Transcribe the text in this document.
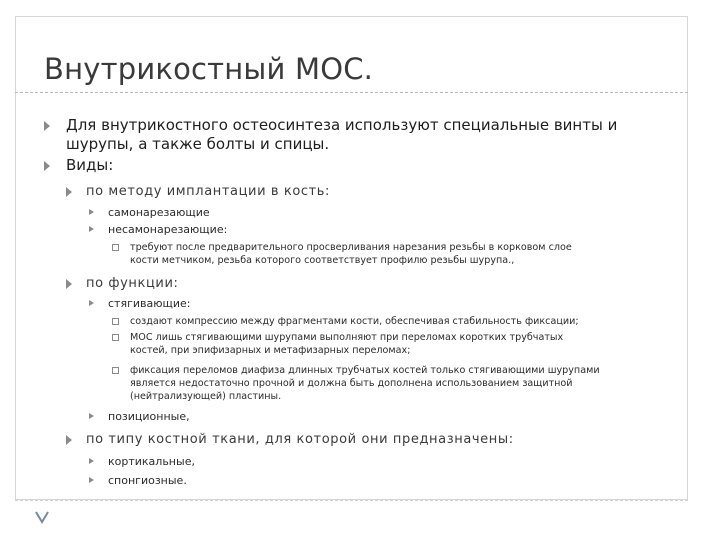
Внутрикостный МОС.
Для внутрикостного остеосинтеза используют специальные винты и
шурупы, а также болты и спицы.
Виды:
по методу имплантации в кость:
самонарезающие
несамонарезающие:
требуют после предварительного просверливания нарезания резьбы в корковом слое
кости метчиком, резьба которого соответствует профилю резьбы шурупа.,
по функции:
стягивающие:
создают компрессию между фрагментами кости, обеспечивая стабильность фиксации;
МОС лишь стягивающими шурупами выполняют при переломах коротких трубчатых
костей, при эпифизарных и метафизарных переломах;
фиксация переломов диафиза длинных трубчатых костей только стягивающими шурупами
является недостаточно прочной и должна быть дополнена использованием защитной
(нейтрализующей) пластины.
позиционные,
по типу костной ткани, для которой они предназначены:
кортикальные,
спонгиозные.
